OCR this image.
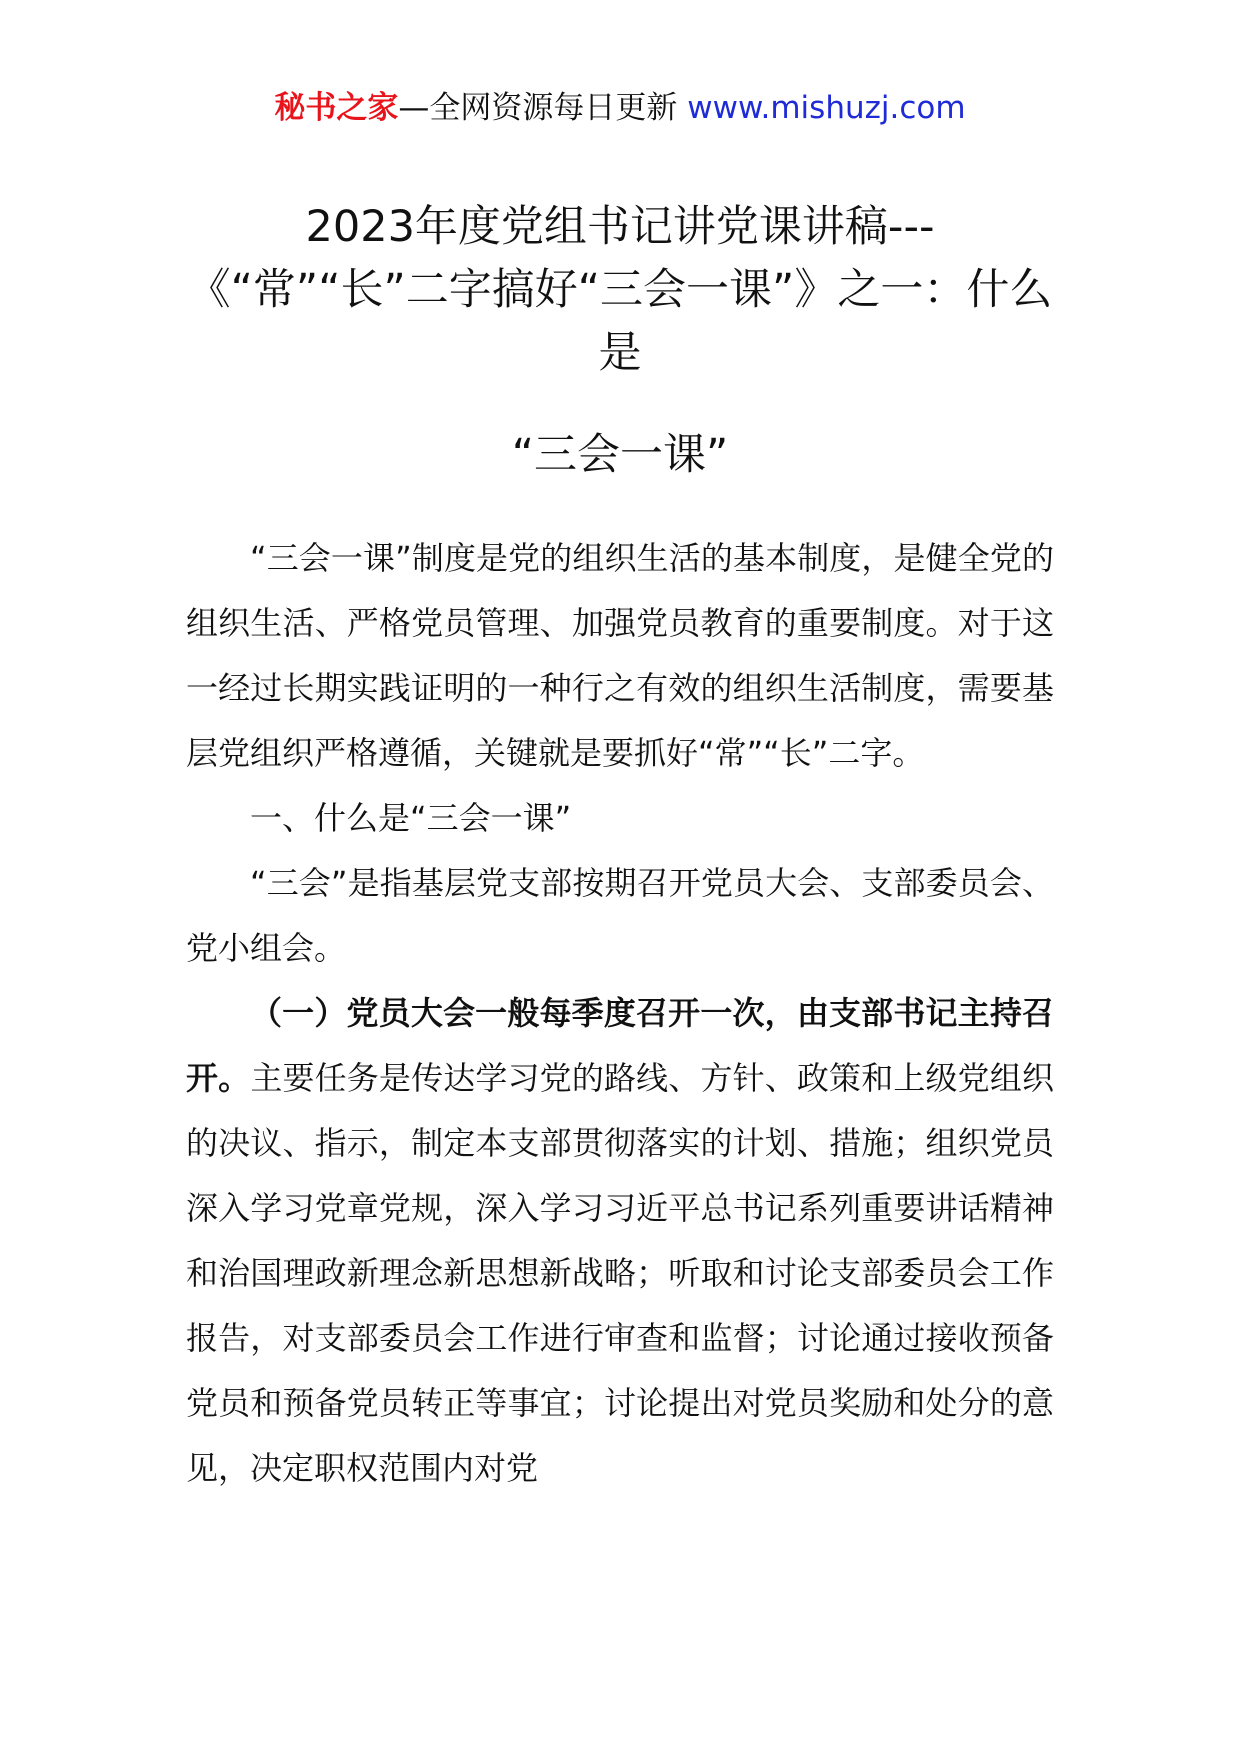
秘书之家—全网资源每日更新 www.mishuzj.com
2023年度党组书记讲党课讲稿---《“常”“长”二字搞好“三会一课”》之一：什么是
“三会一课”

“三会一课”制度是党的组织生活的基本制度，是健全党的组织生活、严格党员管理、加强党员教育的重要制度。对于这一经过长期实践证明的一种行之有效的组织生活制度，需要基层党组织严格遵循，关键就是要抓好“常”“长”二字。

一、什么是“三会一课”

“三会”是指基层党支部按期召开党员大会、支部委员会、党小组会。

（一）党员大会一般每季度召开一次，由支部书记主持召开。主要任务是传达学习党的路线、方针、政策和上级党组织的决议、指示，制定本支部贯彻落实的计划、措施；组织党员深入学习党章党规，深入学习习近平总书记系列重要讲话精神和治国理政新理念新思想新战略；听取和讨论支部委员会工作报告，对支部委员会工作进行审查和监督；讨论通过接收预备党员和预备党员转正等事宜；讨论提出对党员奖励和处分的意见，决定职权范围内对党
